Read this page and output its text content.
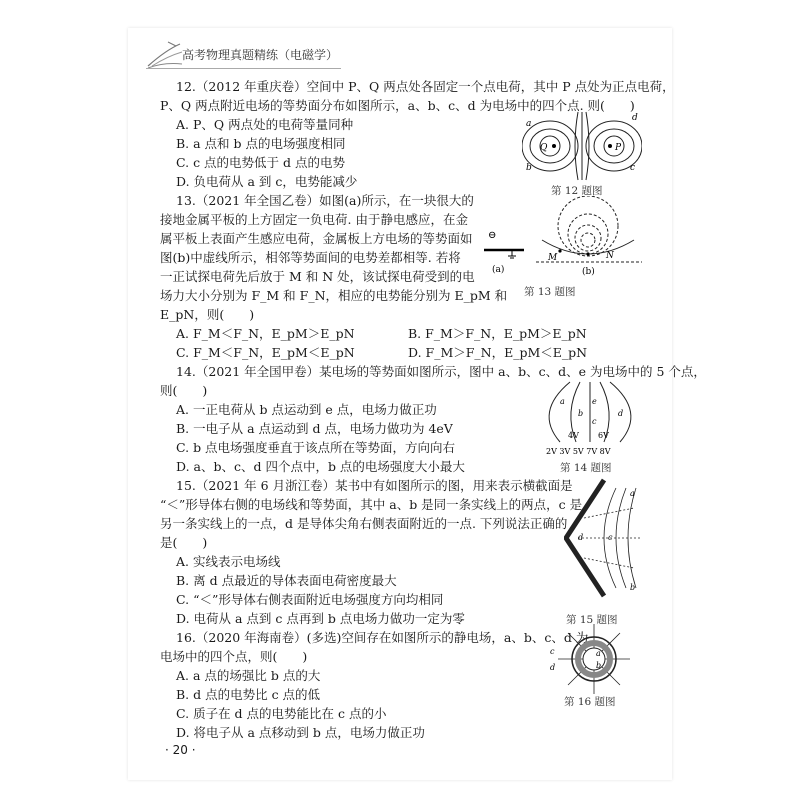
高考物理真题精练（电磁学）
12.（2012 年重庆卷）空间中 P、Q 两点处各固定一个点电荷，其中 P 点处为正点电荷，
P、Q 两点附近电场的等势面分布如图所示，a、b、c、d 为电场中的四个点. 则(　　)
A. P、Q 两点处的电荷等量同种
B. a 点和 b 点的电场强度相同
C. c 点的电势低于 d 点的电势
D. 负电荷从 a 到 c，电势能减少
Q	P
a
b	c
d
第 12 题图
13.（2021 年全国乙卷）如图(a)所示，在一块很大的
接地金属平板的上方固定一负电荷. 由于静电感应，在金
属平板上表面产生感应电荷，金属板上方电场的等势面如
图(b)中虚线所示，相邻等势面间的电势差都相等. 若将
一正试探电荷先后放于 M 和 N 处，该试探电荷受到的电
场力大小分别为 F_M 和 F_N，相应的电势能分别为 E_pM 和
E_pN，则(　　)
A. F_M＜F_N，E_pM＞E_pN	B. F_M＞F_N，E_pM＞E_pN
C. F_M＜F_N，E_pM＜E_pN	D. F_M＞F_N，E_pM＜E_pN
⊖
(a)
M	N
(b)
第 13 题图
14.（2021 年全国甲卷）某电场的等势面如图所示，图中 a、b、c、d、e 为电场中的 5 个点，
则(　　)
A. 一正电荷从 b 点运动到 e 点，电场力做正功
B. 一电子从 a 点运动到 d 点，电场力做功为 4eV
C. b 点电场强度垂直于该点所在等势面，方向向右
D. a、b、c、d 四个点中，b 点的电场强度大小最大
a
b
e
c
d
4V 6V
2V 3V 5V 7V 8V
第 14 题图
15.（2021 年 6 月浙江卷）某书中有如图所示的图，用来表示横截面是
“＜”形导体右侧的电场线和等势面，其中 a、b 是同一条实线上的两点，c 是
另一条实线上的一点，d 是导体尖角右侧表面附近的一点. 下列说法正确的
是(　　)
A. 实线表示电场线
B. 离 d 点最近的导体表面电荷密度最大
C. “＜”形导体右侧表面附近电场强度方向均相同
D. 电荷从 a 点到 c 点再到 b 点电场力做功一定为零
a
b
c
d
第 15 题图
16.（2020 年海南卷）(多选)空间存在如图所示的静电场，a、b、c、d 为
电场中的四个点，则(　　)
A. a 点的场强比 b 点的大
B. d 点的电势比 c 点的低
C. 质子在 d 点的电势能比在 c 点的小
D. 将电子从 a 点移动到 b 点，电场力做正功
a
b
c
d
第 16 题图
· 20 ·
